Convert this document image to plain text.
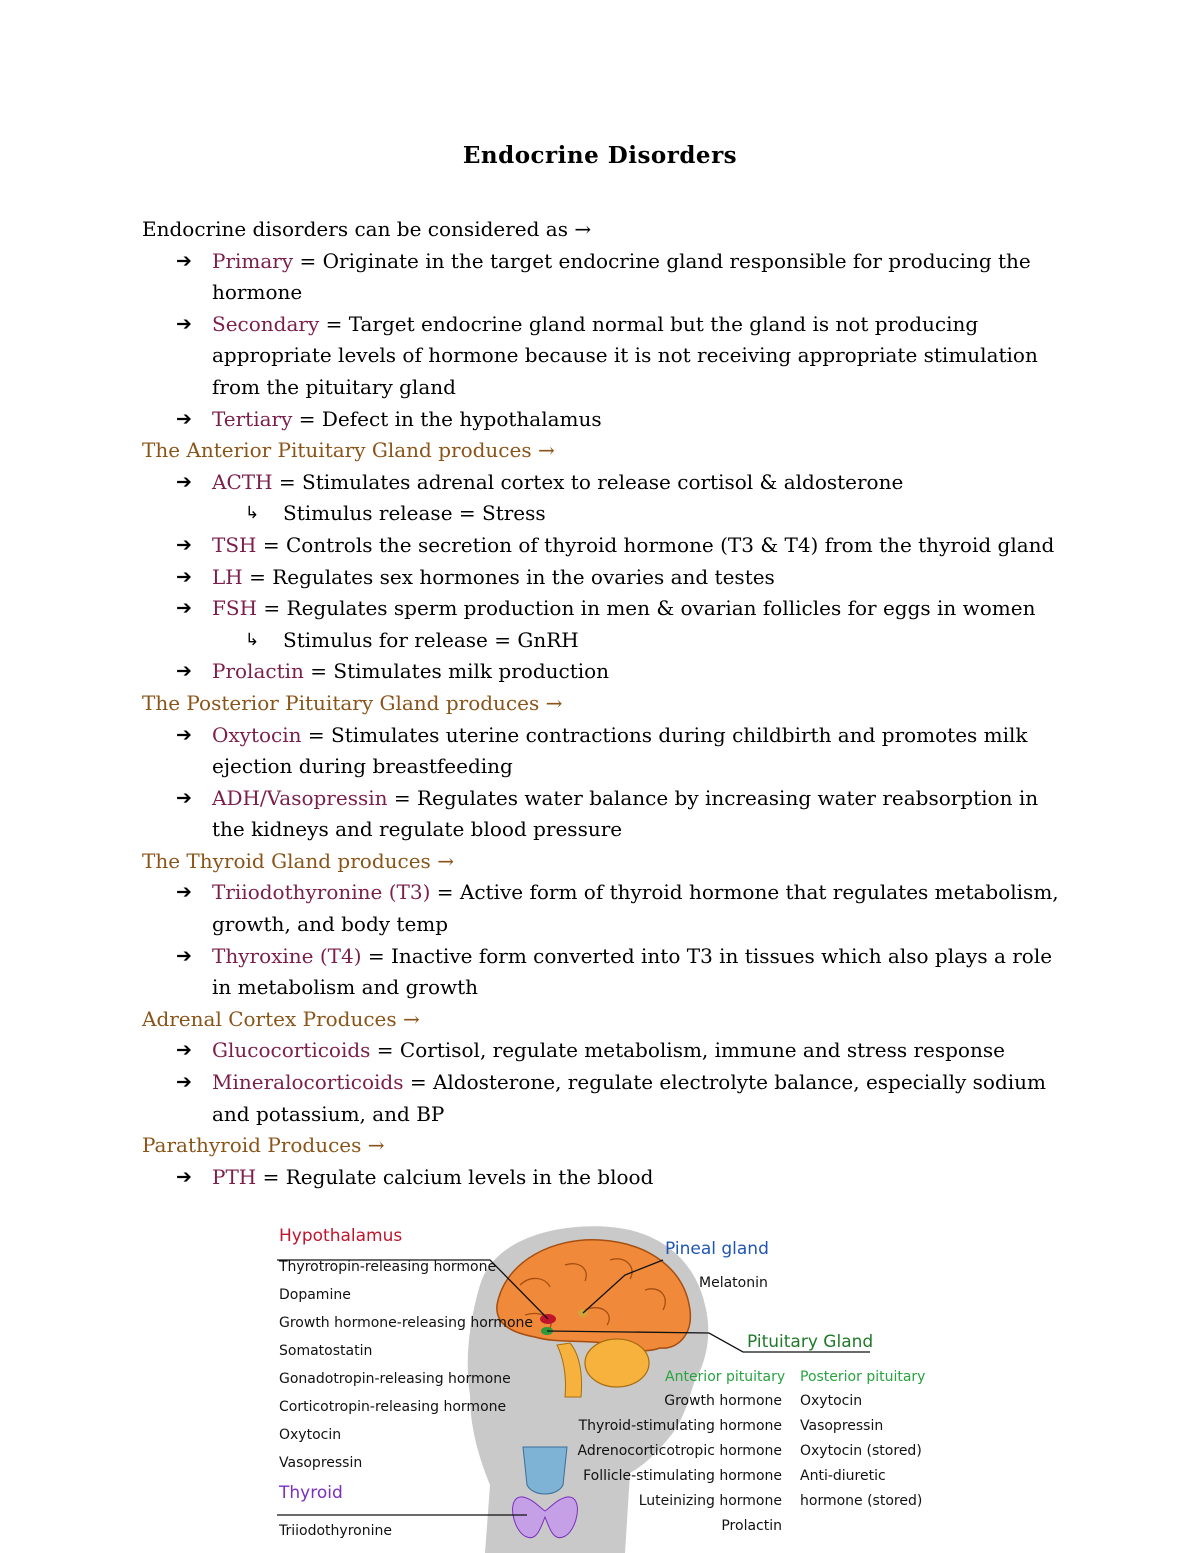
Endocrine Disorders
Endocrine disorders can be considered as →
➔ Primary = Originate in the target endocrine gland responsible for producing the hormone
➔ Secondary = Target endocrine gland normal but the gland is not producing appropriate levels of hormone because it is not receiving appropriate stimulation from the pituitary gland
➔ Tertiary = Defect in the hypothalamus
The Anterior Pituitary Gland produces →
➔ ACTH = Stimulates adrenal cortex to release cortisol & aldosterone
↳ Stimulus release = Stress
➔ TSH = Controls the secretion of thyroid hormone (T3 & T4) from the thyroid gland
➔ LH = Regulates sex hormones in the ovaries and testes
➔ FSH = Regulates sperm production in men & ovarian follicles for eggs in women
↳ Stimulus for release = GnRH
➔ Prolactin = Stimulates milk production
The Posterior Pituitary Gland produces →
➔ Oxytocin = Stimulates uterine contractions during childbirth and promotes milk ejection during breastfeeding
➔ ADH/Vasopressin = Regulates water balance by increasing water reabsorption in the kidneys and regulate blood pressure
The Thyroid Gland produces →
➔ Triiodothyronine (T3) = Active form of thyroid hormone that regulates metabolism, growth, and body temp
➔ Thyroxine (T4) = Inactive form converted into T3 in tissues which also plays a role in metabolism and growth
Adrenal Cortex Produces →
➔ Glucocorticoids = Cortisol, regulate metabolism, immune and stress response
➔ Mineralocorticoids = Aldosterone, regulate electrolyte balance, especially sodium and potassium, and BP
Parathyroid Produces →
➔ PTH = Regulate calcium levels in the blood
Hypothalamus
Thyrotropin-releasing hormone
Dopamine
Growth hormone-releasing hormone
Somatostatin
Gonadotropin-releasing hormone
Corticotropin-releasing hormone
Oxytocin
Vasopressin
Pineal gland
Melatonin
Pituitary Gland
Anterior pituitary
Growth hormone
Thyroid-stimulating hormone
Adrenocorticotropic hormone
Follicle-stimulating hormone
Luteinizing hormone
Prolactin
Posterior pituitary
Oxytocin
Vasopressin
Oxytocin (stored)
Anti-diuretic
hormone (stored)
Thyroid
Triiodothyronine
